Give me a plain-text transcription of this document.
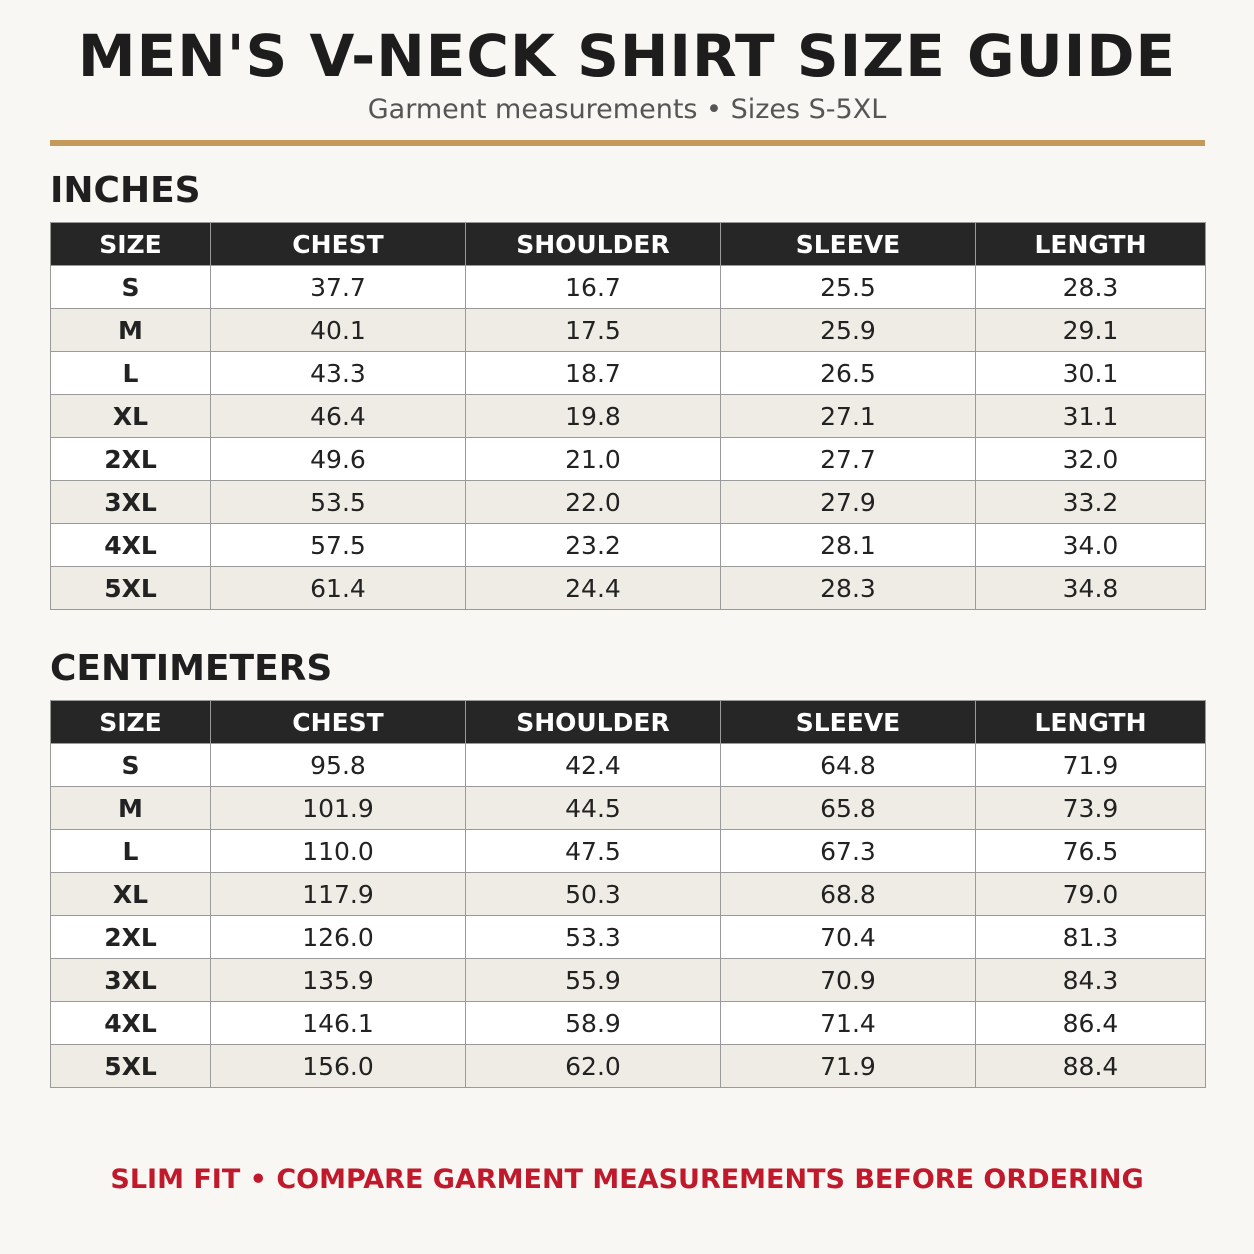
MEN'S V-NECK SHIRT SIZE GUIDE
Garment measurements • Sizes S-5XL
INCHES
SIZE	CHEST	SHOULDER	SLEEVE	LENGTH
S	37.7	16.7	25.5	28.3
M	40.1	17.5	25.9	29.1
L	43.3	18.7	26.5	30.1
XL	46.4	19.8	27.1	31.1
2XL	49.6	21.0	27.7	32.0
3XL	53.5	22.0	27.9	33.2
4XL	57.5	23.2	28.1	34.0
5XL	61.4	24.4	28.3	34.8
CENTIMETERS
SIZE	CHEST	SHOULDER	SLEEVE	LENGTH
S	95.8	42.4	64.8	71.9
M	101.9	44.5	65.8	73.9
L	110.0	47.5	67.3	76.5
XL	117.9	50.3	68.8	79.0
2XL	126.0	53.3	70.4	81.3
3XL	135.9	55.9	70.9	84.3
4XL	146.1	58.9	71.4	86.4
5XL	156.0	62.0	71.9	88.4
SLIM FIT • COMPARE GARMENT MEASUREMENTS BEFORE ORDERING
